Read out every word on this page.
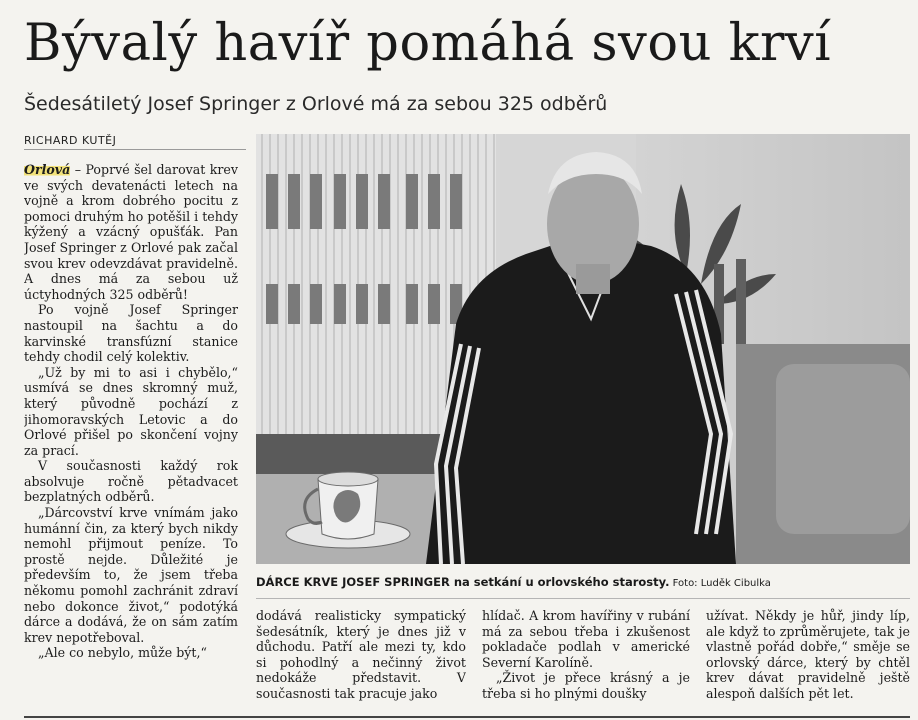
Bývalý havíř pomáhá svou krví
Šedesátiletý Josef Springer z Orlové má za sebou 325 odběrů
RICHARD KUTĚJ

Orlová – Poprvé šel darovat krev ve svých devatenácti letech na vojně a krom dobrého pocitu z pomoci druhým ho potěšil i tehdy kýžený a vzácný opušťák. Pan Josef Springer z Orlové pak začal svou krev odevzdávat pravidelně. A dnes má za sebou už úctyhodných 325 odběrů!

Po vojně Josef Springer nastoupil na šachtu a do karvinské transfúzní stanice tehdy chodil celý kolektiv.

„Už by mi to asi i chybělo,“ usmívá se dnes skromný muž, který původně pochází z jihomoravských Letovic a do Orlové přišel po skončení vojny za prací.

V současnosti každý rok absolvuje ročně pětadvacet bezplatných odběrů.

„Dárcovství krve vnímám jako humánní čin, za který bych nikdy nemohl přijmout peníze. To prostě nejde. Důležité je především to, že jsem třeba někomu pomohl zachránit zdraví nebo dokonce život,“ podotýká dárce a dodává, že on sám zatím krev nepotřeboval.

„Ale co nebylo, může být,“

DÁRCE KRVE JOSEF SPRINGER na setkání u orlovského starosty. Foto: Luděk Cibulka

dodává realisticky sympatický šedesátník, který je dnes již v důchodu. Patří ale mezi ty, kdo si pohodlný a nečinný život nedokáže představit. V současnosti tak pracuje jako

hlídač. A krom havířiny v rubání má za sebou třeba i zkušenost pokladače podlah v americké Severní Karolíně.

„Život je přece krásný a je třeba si ho plnými doušky

užívat. Někdy je hůř, jindy líp, ale když to zprůměrujete, tak je vlastně pořád dobře,“ směje se orlovský dárce, který by chtěl krev dávat pravidelně ještě alespoň dalších pět let.
